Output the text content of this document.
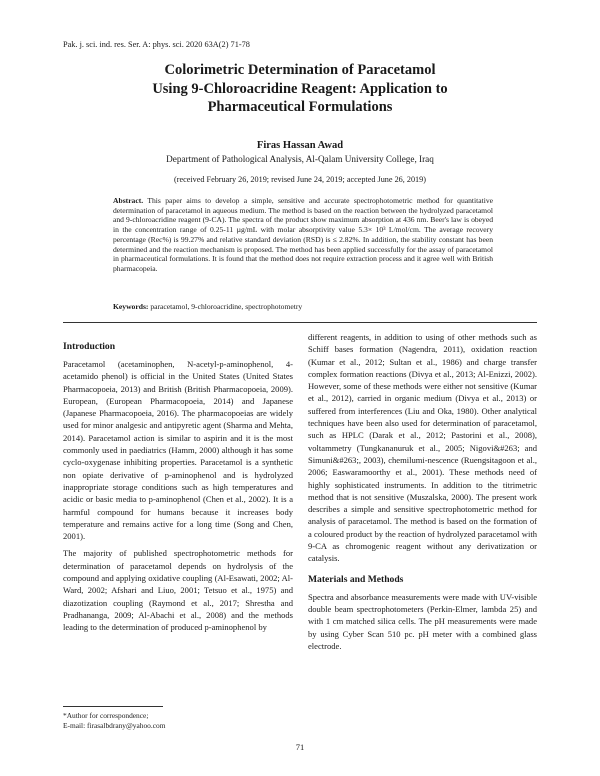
Pak. j. sci. ind. res. Ser. A: phys. sci. 2020 63A(2) 71-78
Colorimetric Determination of Paracetamol
Using 9-Chloroacridine Reagent: Application to
Pharmaceutical Formulations
Firas Hassan Awad
Department of Pathological Analysis, Al-Qalam University College, Iraq
(received February 26, 2019; revised June 24, 2019; accepted June 26, 2019)
Abstract. This paper aims to develop a simple, sensitive and accurate spectrophotometric method for quantitative determination of paracetamol in aqueous medium. The method is based on the reaction between the hydrolyzed paracetamol and 9-chloroacridine reagent (9-CA). The spectra of the product show maximum absorption at 436 nm. Beer's law is obeyed in the concentration range of 0.25-11 µg/mL with molar absorptivity value 5.3× 10³ L/mol/cm. The average recovery percentage (Rec%) is 99.27% and relative standard deviation (RSD) is ≤ 2.82%. In addition, the stability constant has been determined and the reaction mechanism is proposed. The method has been applied successfully for the assay of paracetamol in pharmaceutical formulations. It is found that the method does not require extraction process and it agree well with British pharmacopeia.
Keywords: paracetamol, 9-chloroacridine, spectrophotometry
Introduction

Paracetamol (acetaminophen, N-acetyl-p-aminophenol, 4-acetamido phenol) is official in the United States (United States Pharmacopoeia, 2013) and British (British Pharmacopoeia, 2009). European, (European Pharmacopoeia, 2014) and Japanese (Japanese Pharmacopoeia, 2016). The pharmacopoeias are widely used for minor analgesic and antipyretic agent (Sharma and Mehta, 2014). Paracetamol action is similar to aspirin and it is the most commonly used in paediatrics (Hamm, 2000) although it has some cyclo-oxygenase inhibiting properties. Paracetamol is a synthetic non opiate derivative of p-aminophenol and is hydrolyzed inappropriate storage conditions such as high temperatures and acidic or basic media to p-aminophenol (Chen et al., 2002). It is a harmful compound for humans because it increases body temperature and remains active for a long time (Song and Chen, 2001).

The majority of published spectrophotometric methods for determination of paracetamol depends on hydrolysis of the compound and applying oxidative coupling (Al-Esawati, 2002; Al-Ward, 2002; Afshari and Liuo, 2001; Tetsuo et al., 1975) and diazotization coupling (Raymond et al., 2017; Shrestha and Pradhananga, 2009; Al-Abachi et al., 2008) and the methods leading to the determination of produced p-aminophenol by

different reagents, in addition to using of other methods such as Schiff bases formation (Nagendra, 2011), oxidation reaction (Kumar et al., 2012; Sultan et al., 1986) and charge transfer complex formation reactions (Divya et al., 2013; Al-Enizzi, 2002). However, some of these methods were either not sensitive (Kumar et al., 2012), carried in organic medium (Divya et al., 2013) or suffered from interferences (Liu and Oka, 1980). Other analytical techniques have been also used for determination of paracetamol, such as HPLC (Darak et al., 2012; Pastorini et al., 2008), voltammetry (Tungkananuruk et al., 2005; Nigovi&#263; and Simuni&#263;, 2003), chemilumi-nescence (Ruengsitagoon et al., 2006; Easwaramoorthy et al., 2001). These methods need of highly sophisticated instruments. In addition to the titrimetric method that is not sensitive (Muszalska, 2000). The present work describes a simple and sensitive spectrophotometric method for analysis of paracetamol. The method is based on the formation of a coloured product by the reaction of hydrolyzed paracetamol with 9-CA as chromogenic reagent without any derivatization or catalysis.

Materials and Methods

Spectra and absorbance measurements were made with UV-visible double beam spectrophotometers (Perkin-Elmer, lambda 25) and with 1 cm matched silica cells. The pH measurements were made by using Cyber Scan 510 pc. pH meter with a combined glass electrode.

*Author for correspondence;
E-mail: firasalbdrany@yahoo.com
71
